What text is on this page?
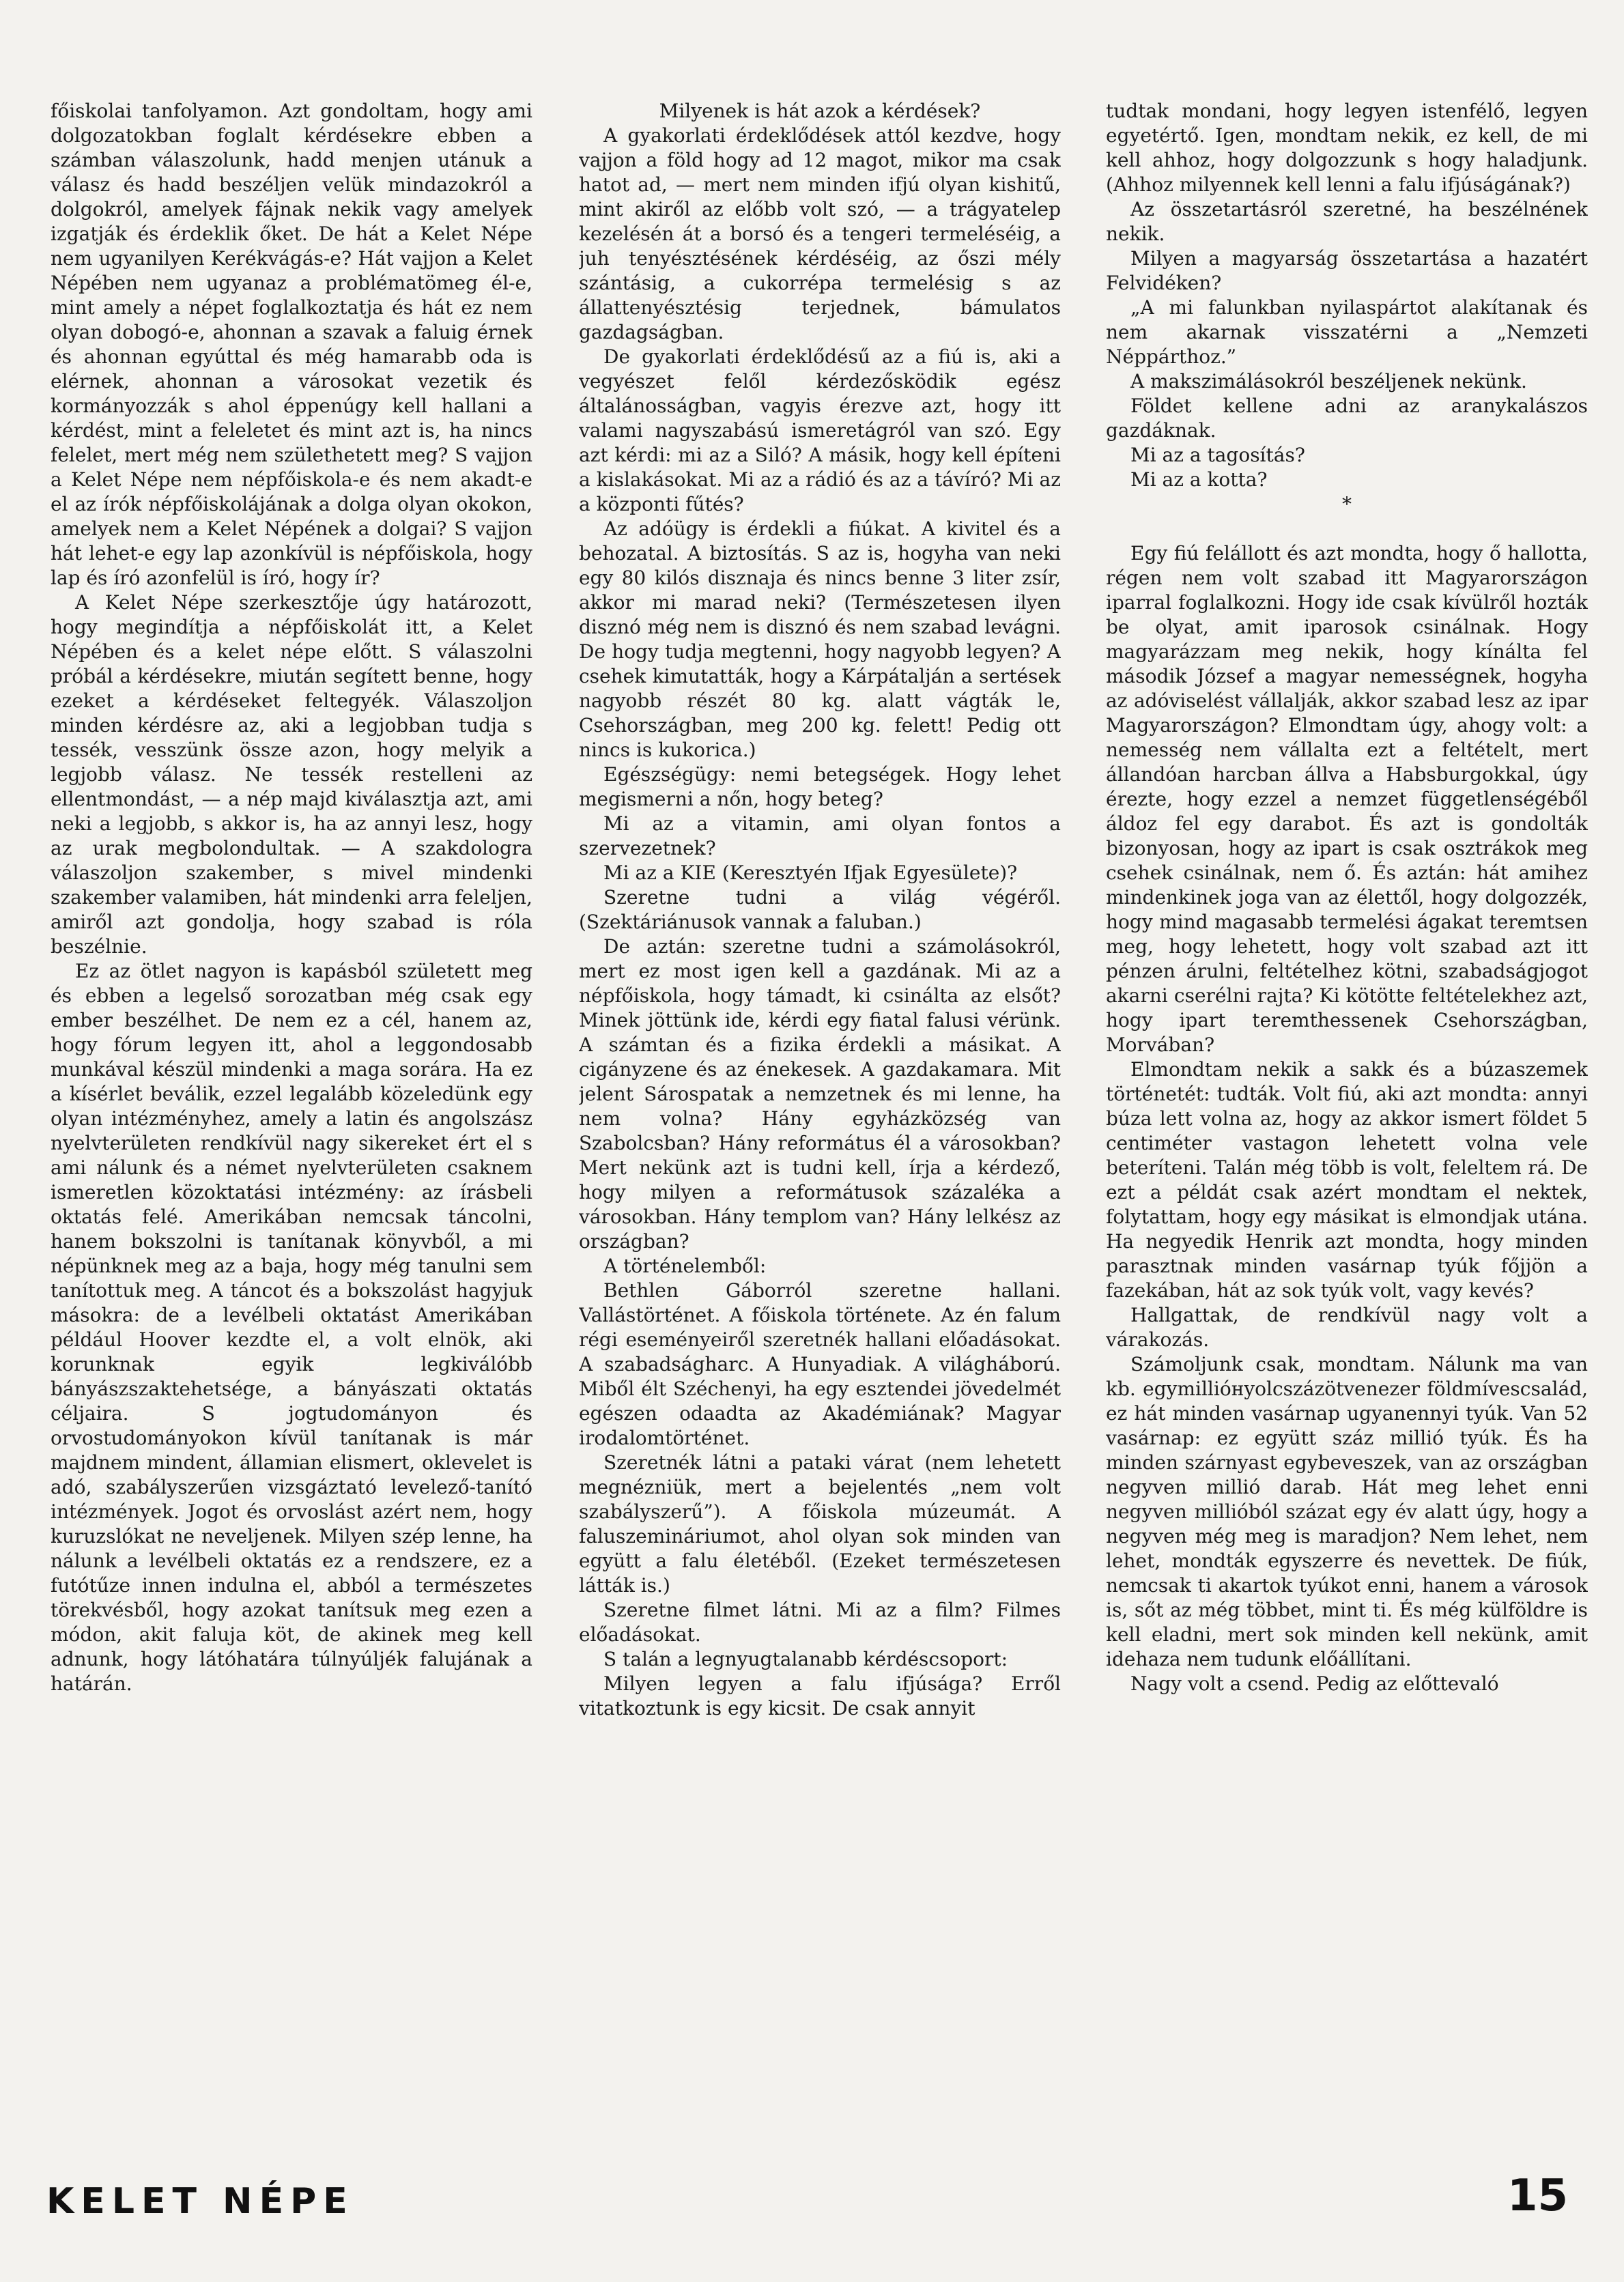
főiskolai tanfolyamon. Azt gondoltam, hogy ami dolgozatokban foglalt kérdésekre ebben a számban válaszolunk, hadd menjen utánuk a válasz és hadd beszéljen velük mindazokról a dolgokról, amelyek fájnak nekik vagy amelyek izgatják és érdeklik őket. De hát a Kelet Népe nem ugyanilyen Kerékvágás-e? Hát vajjon a Kelet Népében nem ugyanaz a problématömeg él-e, mint amely a népet foglalkoztatja és hát ez nem olyan dobogó-e, ahonnan a szavak a faluig érnek és ahonnan egyúttal és még hamarabb oda is elérnek, ahonnan a városokat vezetik és kormányozzák s ahol éppenúgy kell hallani a kérdést, mint a feleletet és mint azt is, ha nincs felelet, mert még nem születhetett meg? S vajjon a Kelet Népe nem népfőiskola-e és nem akadt-e el az írók népfőiskolájának a dolga olyan okokon, amelyek nem a Kelet Népének a dolgai? S vajjon hát lehet-e egy lap azonkívül is népfőiskola, hogy lap és író azonfelül is író, hogy ír?

A Kelet Népe szerkesztője úgy határozott, hogy megindítja a népfőiskolát itt, a Kelet Népében és a kelet népe előtt. S válaszolni próbál a kérdésekre, miután segített benne, hogy ezeket a kérdéseket feltegyék. Válaszoljon minden kérdésre az, aki a legjobban tudja s tessék, vesszünk össze azon, hogy melyik a legjobb válasz. Ne tessék restelleni az ellentmondást, — a nép majd kiválasztja azt, ami neki a legjobb, s akkor is, ha az annyi lesz, hogy az urak megbolondultak. — A szakdologra válaszoljon szakember, s mivel mindenki szakember valamiben, hát mindenki arra feleljen, amiről azt gondolja, hogy szabad is róla beszélnie.

Ez az ötlet nagyon is kapásból született meg és ebben a legelső sorozatban még csak egy ember beszélhet. De nem ez a cél, hanem az, hogy fórum legyen itt, ahol a leggondosabb munkával készül mindenki a maga sorára. Ha ez a kísérlet beválik, ezzel legalább közeledünk egy olyan intézményhez, amely a latin és angolszász nyelvterületen rendkívül nagy sikereket ért el s ami nálunk és a német nyelvterületen csaknem ismeretlen közoktatási intézmény: az írásbeli oktatás felé. Amerikában nemcsak táncolni, hanem bokszolni is tanítanak könyvből, a mi népünknek meg az a baja, hogy még tanulni sem tanítottuk meg. A táncot és a bokszolást hagyjuk másokra: de a levélbeli oktatást Amerikában például Hoover kezdte el, a volt elnök, aki korunknak egyik legkiválóbb bányászszaktehetsége, a bányászati oktatás céljaira. S jogtudományon és orvostudományokon kívül tanítanak is már majdnem mindent, államian elismert, oklevelet is adó, szabályszerűen vizsgáztató levelező-tanító intézmények. Jogot és orvoslást azért nem, hogy kuruzslókat ne neveljenek. Milyen szép lenne, ha nálunk a levélbeli oktatás ez a rendszere, ez a futótűze innen indulna el, abból a természetes törekvésből, hogy azokat tanítsuk meg ezen a módon, akit faluja köt, de akinek meg kell adnunk, hogy látóhatára túlnyúljék falujának a határán.

Milyenek is hát azok a kérdések?

A gyakorlati érdeklődések attól kezdve, hogy vajjon a föld hogy ad 12 magot, mikor ma csak hatot ad, — mert nem minden ifjú olyan kishitű, mint akiről az előbb volt szó, — a trágyatelep kezelésén át a borsó és a tengeri termeléséig, a juh tenyésztésének kérdéséig, az őszi mély szántásig, a cukorrépa termelésig s az állattenyésztésig terjednek, bámulatos gazdagságban.

De gyakorlati érdeklődésű az a fiú is, aki a vegyészet felől kérdezősködik egész általánosságban, vagyis érezve azt, hogy itt valami nagyszabású ismeretágról van szó. Egy azt kérdi: mi az a Siló? A másik, hogy kell építeni a kislakásokat. Mi az a rádió és az a távíró? Mi az a központi fűtés?

Az adóügy is érdekli a fiúkat. A kivitel és a behozatal. A biztosítás. S az is, hogyha van neki egy 80 kilós disznaja és nincs benne 3 liter zsír, akkor mi marad neki? (Természetesen ilyen disznó még nem is disznó és nem szabad levágni. De hogy tudja megtenni, hogy nagyobb legyen? A csehek kimutatták, hogy a Kárpátalján a sertések nagyobb részét 80 kg. alatt vágták le, Csehországban, meg 200 kg. felett! Pedig ott nincs is kukorica.)

Egészségügy: nemi betegségek. Hogy lehet megismerni a nőn, hogy beteg?

Mi az a vitamin, ami olyan fontos a szervezetnek?

Mi az a KIE (Keresztyén Ifjak Egyesülete)?

Szeretne tudni a világ végéről. (Szektáriánusok vannak a faluban.)

De aztán: szeretne tudni a számolásokról, mert ez most igen kell a gazdának. Mi az a népfőiskola, hogy támadt, ki csinálta az elsőt? Minek jöttünk ide, kérdi egy fiatal falusi vérünk. A számtan és a fizika érdekli a másikat. A cigányzene és az énekesek. A gazdakamara. Mit jelent Sárospatak a nemzetnek és mi lenne, ha nem volna? Hány egyházközség van Szabolcsban? Hány református él a városokban? Mert nekünk azt is tudni kell, írja a kérdező, hogy milyen a reformátusok százaléka a városokban. Hány templom van? Hány lelkész az országban?

A történelemből:

Bethlen Gáborról szeretne hallani. Vallástörténet. A főiskola története. Az én falum régi eseményeiről szeretnék hallani előadásokat. A szabadságharc. A Hunyadiak. A világháború. Miből élt Széchenyi, ha egy esztendei jövedelmét egészen odaadta az Akadémiának? Magyar irodalomtörténet.

Szeretnék látni a pataki várat (nem lehetett megnézniük, mert a bejelentés „nem volt szabályszerű”). A főiskola múzeumát. A faluszemináriumot, ahol olyan sok minden van együtt a falu életéből. (Ezeket természetesen látták is.)

Szeretne filmet látni. Mi az a film? Filmes előadásokat.

S talán a legnyugtalanabb kérdéscsoport:

Milyen legyen a falu ifjúsága? Erről vitatkoztunk is egy kicsit. De csak annyit

tudtak mondani, hogy legyen istenfélő, legyen egyetértő. Igen, mondtam nekik, ez kell, de mi kell ahhoz, hogy dolgozzunk s hogy haladjunk. (Ahhoz milyennek kell lenni a falu ifjúságának?)

Az összetartásról szeretné, ha beszélnének nekik.

Milyen a magyarság összetartása a hazatért Felvidéken?

„A mi falunkban nyilaspártot alakítanak és nem akarnak visszatérni a „Nemzeti Néppárthoz.”

A makszimálásokról beszéljenek nekünk.

Földet kellene adni az aranykalászos gazdáknak.

Mi az a tagosítás?

Mi az a kotta?

*

Egy fiú felállott és azt mondta, hogy ő hallotta, régen nem volt szabad itt Magyarországon iparral foglalkozni. Hogy ide csak kívülről hozták be olyat, amit iparosok csinálnak. Hogy magyarázzam meg nekik, hogy kínálta fel második József a magyar nemességnek, hogyha az adóviselést vállalják, akkor szabad lesz az ipar Magyarországon? Elmondtam úgy, ahogy volt: a nemesség nem vállalta ezt a feltételt, mert állandóan harcban állva a Habsburgokkal, úgy érezte, hogy ezzel a nemzet függetlenségéből áldoz fel egy darabot. És azt is gondolták bizonyosan, hogy az ipart is csak osztrákok meg csehek csinálnak, nem ő. És aztán: hát amihez mindenkinek joga van az élettől, hogy dolgozzék, hogy mind magasabb termelési ágakat teremtsen meg, hogy lehetett, hogy volt szabad azt itt pénzen árulni, feltételhez kötni, szabadságjogot akarni cserélni rajta? Ki kötötte feltételekhez azt, hogy ipart teremthessenek Csehországban, Morvában?

Elmondtam nekik a sakk és a búzaszemek történetét: tudták. Volt fiú, aki azt mondta: annyi búza lett volna az, hogy az akkor ismert földet 5 centiméter vastagon lehetett volna vele beteríteni. Talán még több is volt, feleltem rá. De ezt a példát csak azért mondtam el nektek, folytattam, hogy egy másikat is elmondjak utána. Ha negyedik Henrik azt mondta, hogy minden parasztnak minden vasárnap tyúk főjjön a fazekában, hát az sok tyúk volt, vagy kevés?

Hallgattak, de rendkívül nagy volt a várakozás.

Számoljunk csak, mondtam. Nálunk ma van kb. egymillióнyolcszázötvenezer földmívescsalád, ez hát minden vasárnap ugyanennyi tyúk. Van 52 vasárnap: ez együtt száz millió tyúk. És ha minden szárnyast egybeveszek, van az országban negyven millió darab. Hát meg lehet enni negyven millióból százat egy év alatt úgy, hogy a negyven még meg is maradjon? Nem lehet, nem lehet, mondták egyszerre és nevettek. De fiúk, nemcsak ti akartok tyúkot enni, hanem a városok is, sőt az még többet, mint ti. És még külföldre is kell eladni, mert sok minden kell nekünk, amit idehaza nem tudunk előállítani.

Nagy volt a csend. Pedig az előttevaló

KELET NÉPE	15
